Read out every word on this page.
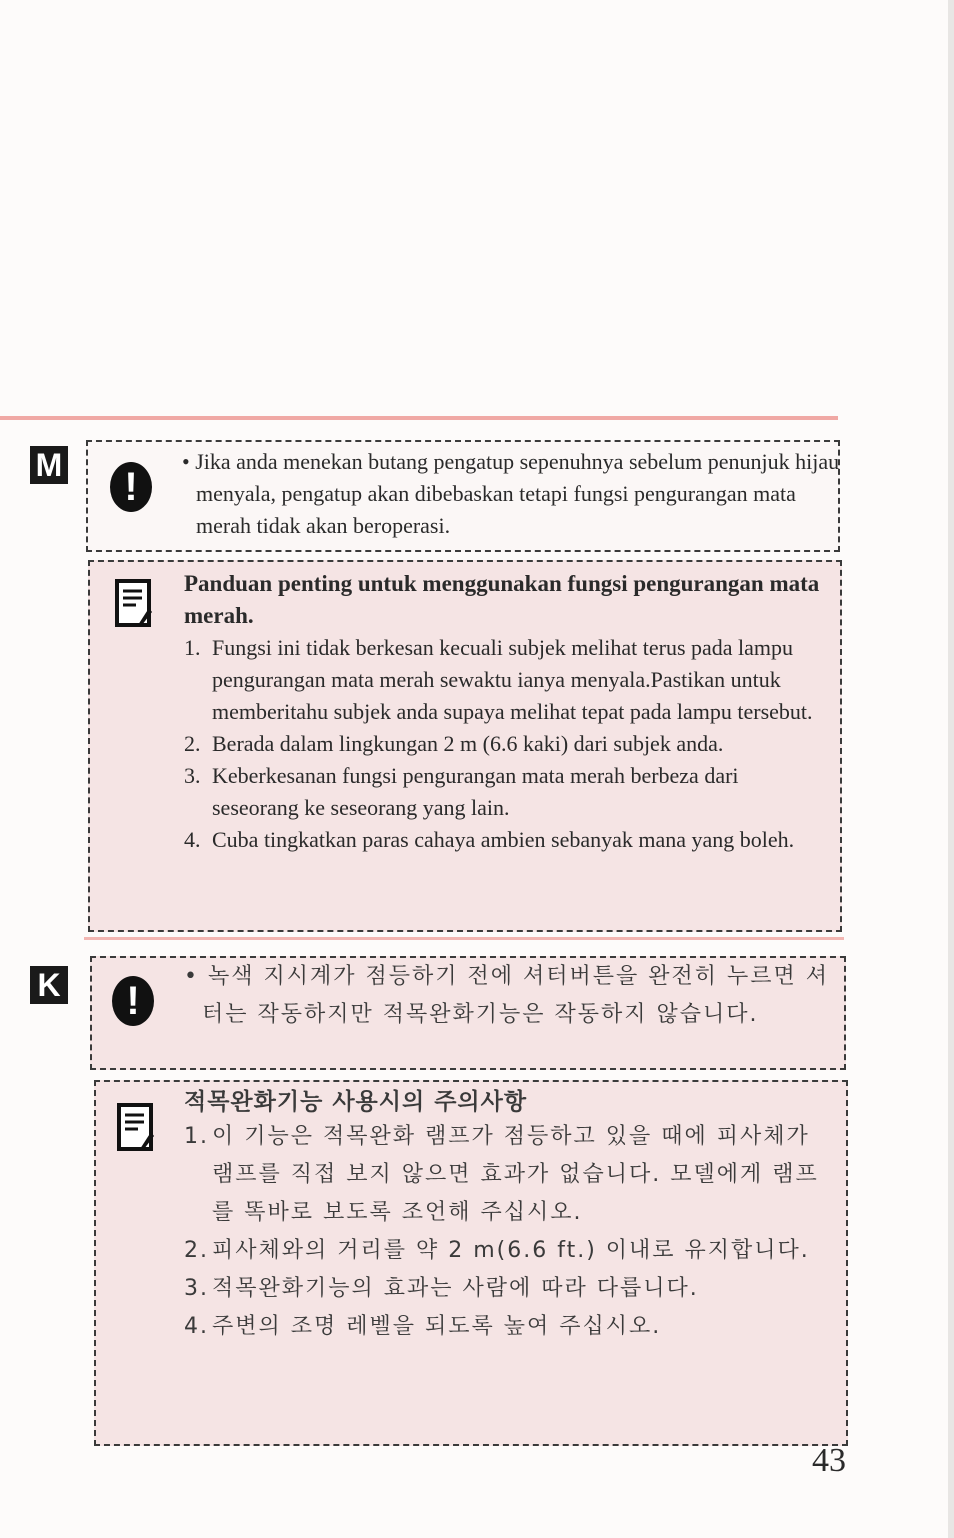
M	!
• Jika anda menekan butang pengatup sepenuhnya sebelum penunjuk hijau menyala, pengatup akan dibebaskan tetapi fungsi pengurangan mata merah tidak akan beroperasi.
Panduan penting untuk menggunakan fungsi pengurangan mata merah.
1. Fungsi ini tidak berkesan kecuali subjek melihat terus pada lampu pengurangan mata merah sewaktu ianya menyala.Pastikan untuk memberitahu subjek anda supaya melihat tepat pada lampu tersebut.
2. Berada dalam lingkungan 2 m (6.6 kaki) dari subjek anda.
3. Keberkesanan fungsi pengurangan mata merah berbeza dari seseorang ke seseorang yang lain.
4. Cuba tingkatkan paras cahaya ambien sebanyak mana yang boleh.
K	!
• 녹색 지시계가 점등하기 전에 셔터버튼을 완전히 누르면 셔터는 작동하지만 적목완화기능은 작동하지 않습니다.
적목완화기능 사용시의 주의사항
1. 이 기능은 적목완화 램프가 점등하고 있을 때에 피사체가 램프를 직접 보지 않으면 효과가 없습니다. 모델에게 램프를 똑바로 보도록 조언해 주십시오.
2. 피사체와의 거리를 약 2 m(6.6 ft.) 이내로 유지합니다.
3. 적목완화기능의 효과는 사람에 따라 다릅니다.
4. 주변의 조명 레벨을 되도록 높여 주십시오.
43
